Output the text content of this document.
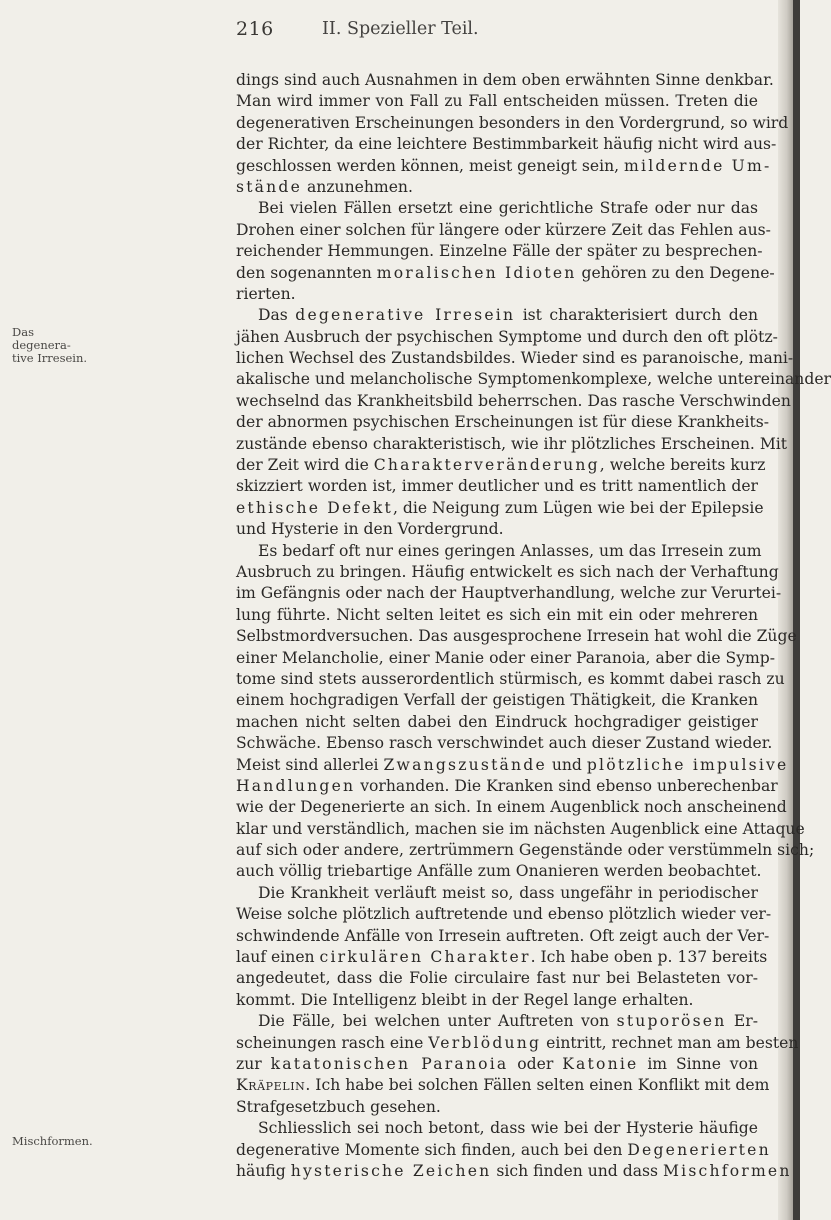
216	II. Spezieller Teil.
Das degenera-
tive Irresein.
Mischformen.
dings sind auch Ausnahmen in dem oben erwähnten Sinne denkbar.
Man wird immer von Fall zu Fall entscheiden müssen. Treten die
degenerativen Erscheinungen besonders in den Vordergrund, so wird
der Richter, da eine leichtere Bestimmbarkeit häufig nicht wird aus-
geschlossen werden können, meist geneigt sein, mildernde Um-
stände anzunehmen.
Bei vielen Fällen ersetzt eine gerichtliche Strafe oder nur das
Drohen einer solchen für längere oder kürzere Zeit das Fehlen aus-
reichender Hemmungen. Einzelne Fälle der später zu besprechen-
den sogenannten moralischen Idioten gehören zu den Degene-
rierten.
Das degenerative Irresein ist charakterisiert durch den
jähen Ausbruch der psychischen Symptome und durch den oft plötz-
lichen Wechsel des Zustandsbildes. Wieder sind es paranoische, mani-
akalische und melancholische Symptomenkomplexe, welche untereinander
wechselnd das Krankheitsbild beherrschen. Das rasche Verschwinden
der abnormen psychischen Erscheinungen ist für diese Krankheits-
zustände ebenso charakteristisch, wie ihr plötzliches Erscheinen. Mit
der Zeit wird die Charakterveränderung, welche bereits kurz
skizziert worden ist, immer deutlicher und es tritt namentlich der
ethische Defekt, die Neigung zum Lügen wie bei der Epilepsie
und Hysterie in den Vordergrund.
Es bedarf oft nur eines geringen Anlasses, um das Irresein zum
Ausbruch zu bringen. Häufig entwickelt es sich nach der Verhaftung
im Gefängnis oder nach der Hauptverhandlung, welche zur Verurtei-
lung führte. Nicht selten leitet es sich ein mit ein oder mehreren
Selbstmordversuchen. Das ausgesprochene Irresein hat wohl die Züge
einer Melancholie, einer Manie oder einer Paranoia, aber die Symp-
tome sind stets ausserordentlich stürmisch, es kommt dabei rasch zu
einem hochgradigen Verfall der geistigen Thätigkeit, die Kranken
machen nicht selten dabei den Eindruck hochgradiger geistiger
Schwäche. Ebenso rasch verschwindet auch dieser Zustand wieder.
Meist sind allerlei Zwangszustände und plötzliche impulsive
Handlungen vorhanden. Die Kranken sind ebenso unberechenbar
wie der Degenerierte an sich. In einem Augenblick noch anscheinend
klar und verständlich, machen sie im nächsten Augenblick eine Attaque
auf sich oder andere, zertrümmern Gegenstände oder verstümmeln sich;
auch völlig triebartige Anfälle zum Onanieren werden beobachtet.
Die Krankheit verläuft meist so, dass ungefähr in periodischer
Weise solche plötzlich auftretende und ebenso plötzlich wieder ver-
schwindende Anfälle von Irresein auftreten. Oft zeigt auch der Ver-
lauf einen cirkulären Charakter. Ich habe oben p. 137 bereits
angedeutet, dass die Folie circulaire fast nur bei Belasteten vor-
kommt. Die Intelligenz bleibt in der Regel lange erhalten.
Die Fälle, bei welchen unter Auftreten von stuporösen Er-
scheinungen rasch eine Verblödung eintritt, rechnet man am besten
zur katatonischen Paranoia oder Katonie im Sinne von
Kräpelin. Ich habe bei solchen Fällen selten einen Konflikt mit dem
Strafgesetzbuch gesehen.
Schliesslich sei noch betont, dass wie bei der Hysterie häufige
degenerative Momente sich finden, auch bei den Degenerierten
häufig hysterische Zeichen sich finden und dass Mischformen
